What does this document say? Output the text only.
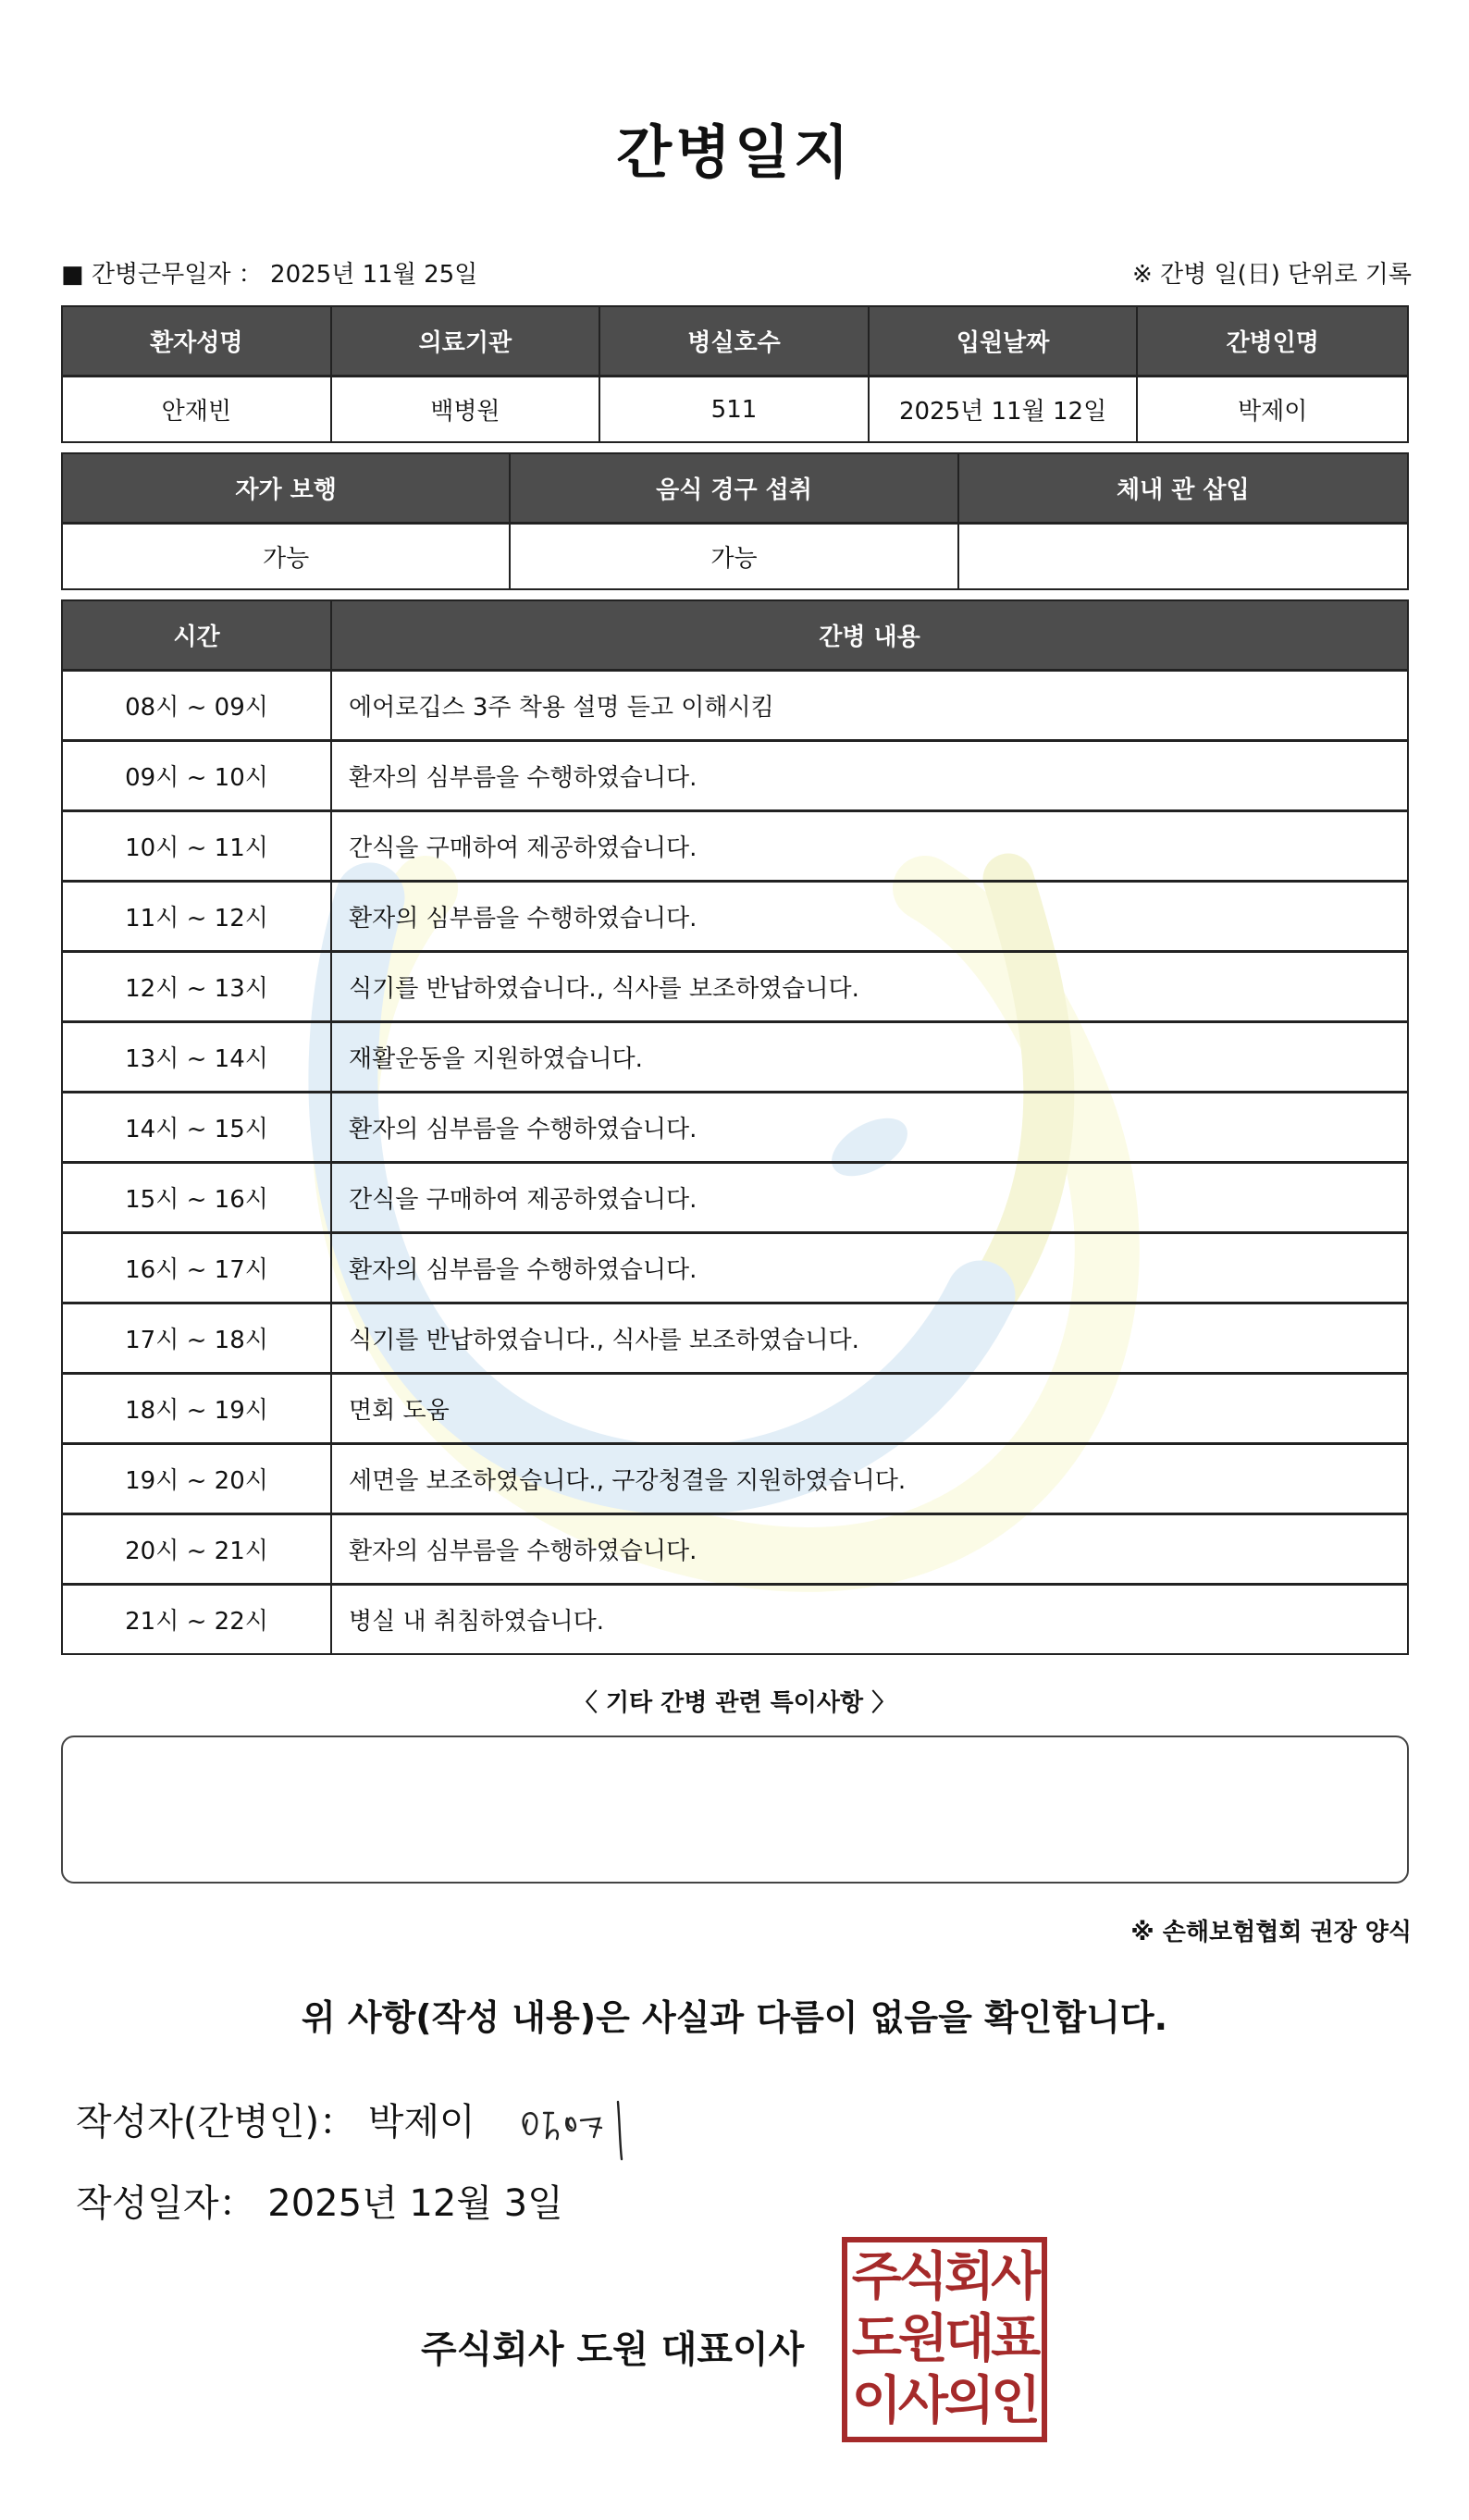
간병일지
■ 간병근무일자 ： 2025년 11월 25일	※ 간병 일(日) 단위로 기록
환자성명	의료기관	병실호수	입원날짜	간병인명
안재빈	백병원	511	2025년 11월 12일	박제이
자가 보행	음식 경구 섭취	체내 관 삽입
가능	가능
시간	간병 내용
08시 ~ 09시	에어로깁스 3주 착용 설명 듣고 이해시킴
09시 ~ 10시	환자의 심부름을 수행하였습니다.
10시 ~ 11시	간식을 구매하여 제공하였습니다.
11시 ~ 12시	환자의 심부름을 수행하였습니다.
12시 ~ 13시	식기를 반납하였습니다., 식사를 보조하였습니다.
13시 ~ 14시	재활운동을 지원하였습니다.
14시 ~ 15시	환자의 심부름을 수행하였습니다.
15시 ~ 16시	간식을 구매하여 제공하였습니다.
16시 ~ 17시	환자의 심부름을 수행하였습니다.
17시 ~ 18시	식기를 반납하였습니다., 식사를 보조하였습니다.
18시 ~ 19시	면회 도움
19시 ~ 20시	세면을 보조하였습니다., 구강청결을 지원하였습니다.
20시 ~ 21시	환자의 심부름을 수행하였습니다.
21시 ~ 22시	병실 내 취침하였습니다.
〈 기타 간병 관련 특이사항 〉
※ 손해보험협회 권장 양식
위 사항(작성 내용)은 사실과 다름이 없음을 확인합니다.
작성자(간병인)： 박제이
작성일자： 2025년 12월 3일
주식회사 도원 대표이사
주식회사
도원대표
이사의인
